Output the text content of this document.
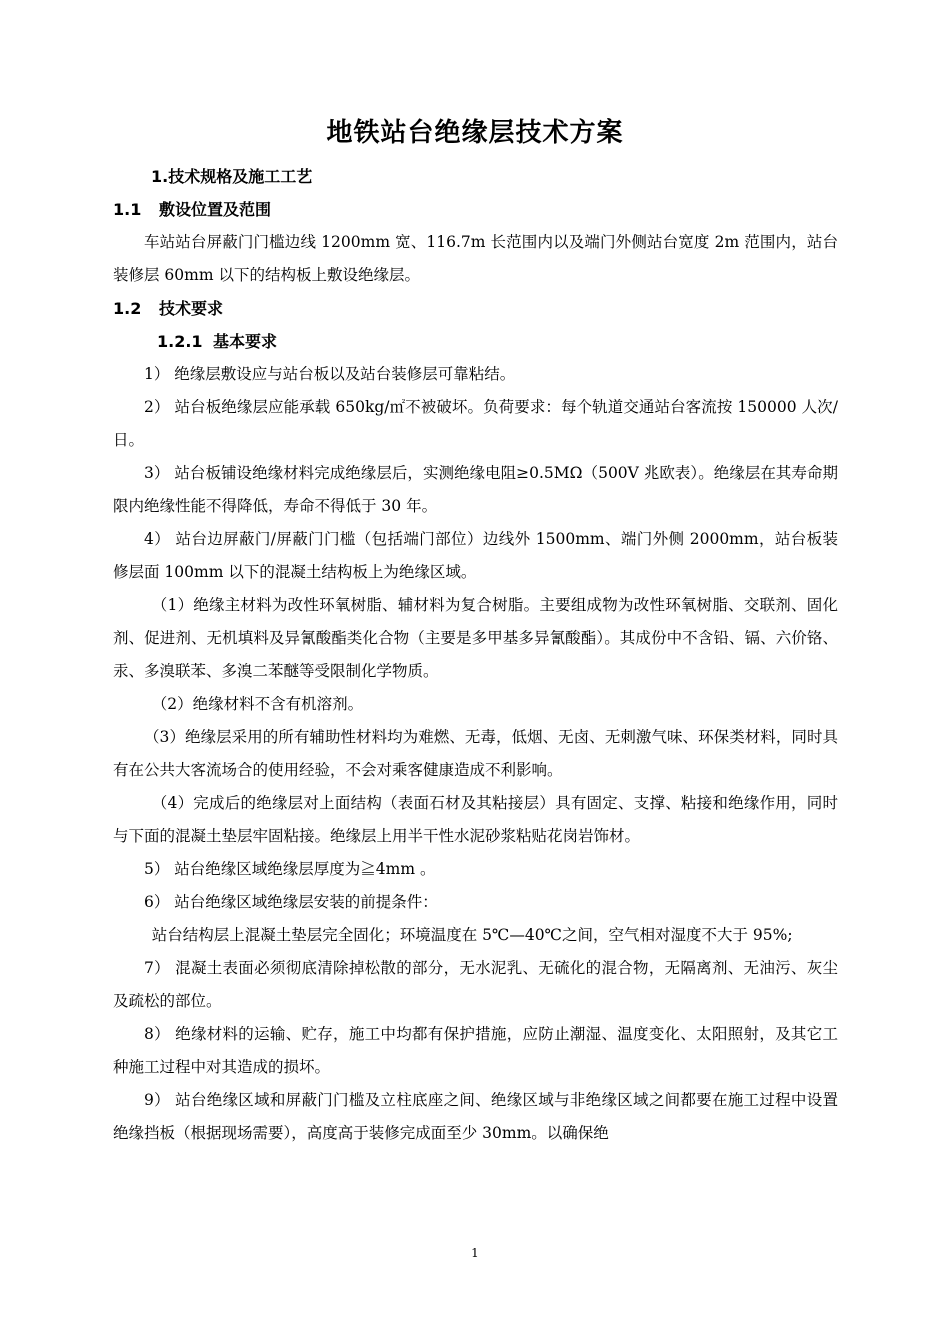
地铁站台绝缘层技术方案

1.技术规格及施工工艺

1.1 敷设位置及范围

车站站台屏蔽门门槛边线 1200mm 宽、116.7m 长范围内以及端门外侧站台宽度 2m 范围内，站台装修层 60mm 以下的结构板上敷设绝缘层。

1.2 技术要求

1.2.1 基本要求

1） 绝缘层敷设应与站台板以及站台装修层可靠粘结。

2） 站台板绝缘层应能承载 650kg/㎡不被破坏。负荷要求：每个轨道交通站台客流按 150000 人次/日。

3） 站台板铺设绝缘材料完成绝缘层后，实测绝缘电阻≥0.5MΩ（500V 兆欧表）。绝缘层在其寿命期限内绝缘性能不得降低，寿命不得低于 30 年。

4） 站台边屏蔽门/屏蔽门门槛（包括端门部位）边线外 1500mm、端门外侧 2000mm，站台板装修层面 100mm 以下的混凝土结构板上为绝缘区域。

（1）绝缘主材料为改性环氧树脂、辅材料为复合树脂。主要组成物为改性环氧树脂、交联剂、固化剂、促进剂、无机填料及异氰酸酯类化合物（主要是多甲基多异氰酸酯）。其成份中不含铅、镉、六价铬、汞、多溴联苯、多溴二苯醚等受限制化学物质。

（2）绝缘材料不含有机溶剂。

（3）绝缘层采用的所有辅助性材料均为难燃、无毒，低烟、无卤、无刺激气味、环保类材料，同时具有在公共大客流场合的使用经验，不会对乘客健康造成不利影响。

（4）完成后的绝缘层对上面结构（表面石材及其粘接层）具有固定、支撑、粘接和绝缘作用，同时与下面的混凝土垫层牢固粘接。绝缘层上用半干性水泥砂浆粘贴花岗岩饰材。

5） 站台绝缘区域绝缘层厚度为≧4mm 。

6） 站台绝缘区域绝缘层安装的前提条件：

站台结构层上混凝土垫层完全固化；环境温度在 5℃—40℃之间，空气相对湿度不大于 95%;

7） 混凝土表面必须彻底清除掉松散的部分，无水泥乳、无硫化的混合物，无隔离剂、无油污、灰尘及疏松的部位。

8） 绝缘材料的运输、贮存，施工中均都有保护措施，应防止潮湿、温度变化、太阳照射，及其它工种施工过程中对其造成的损坏。

9） 站台绝缘区域和屏蔽门门槛及立柱底座之间、绝缘区域与非绝缘区域之间都要在施工过程中设置绝缘挡板（根据现场需要），高度高于装修完成面至少 30mm。以确保绝

1
